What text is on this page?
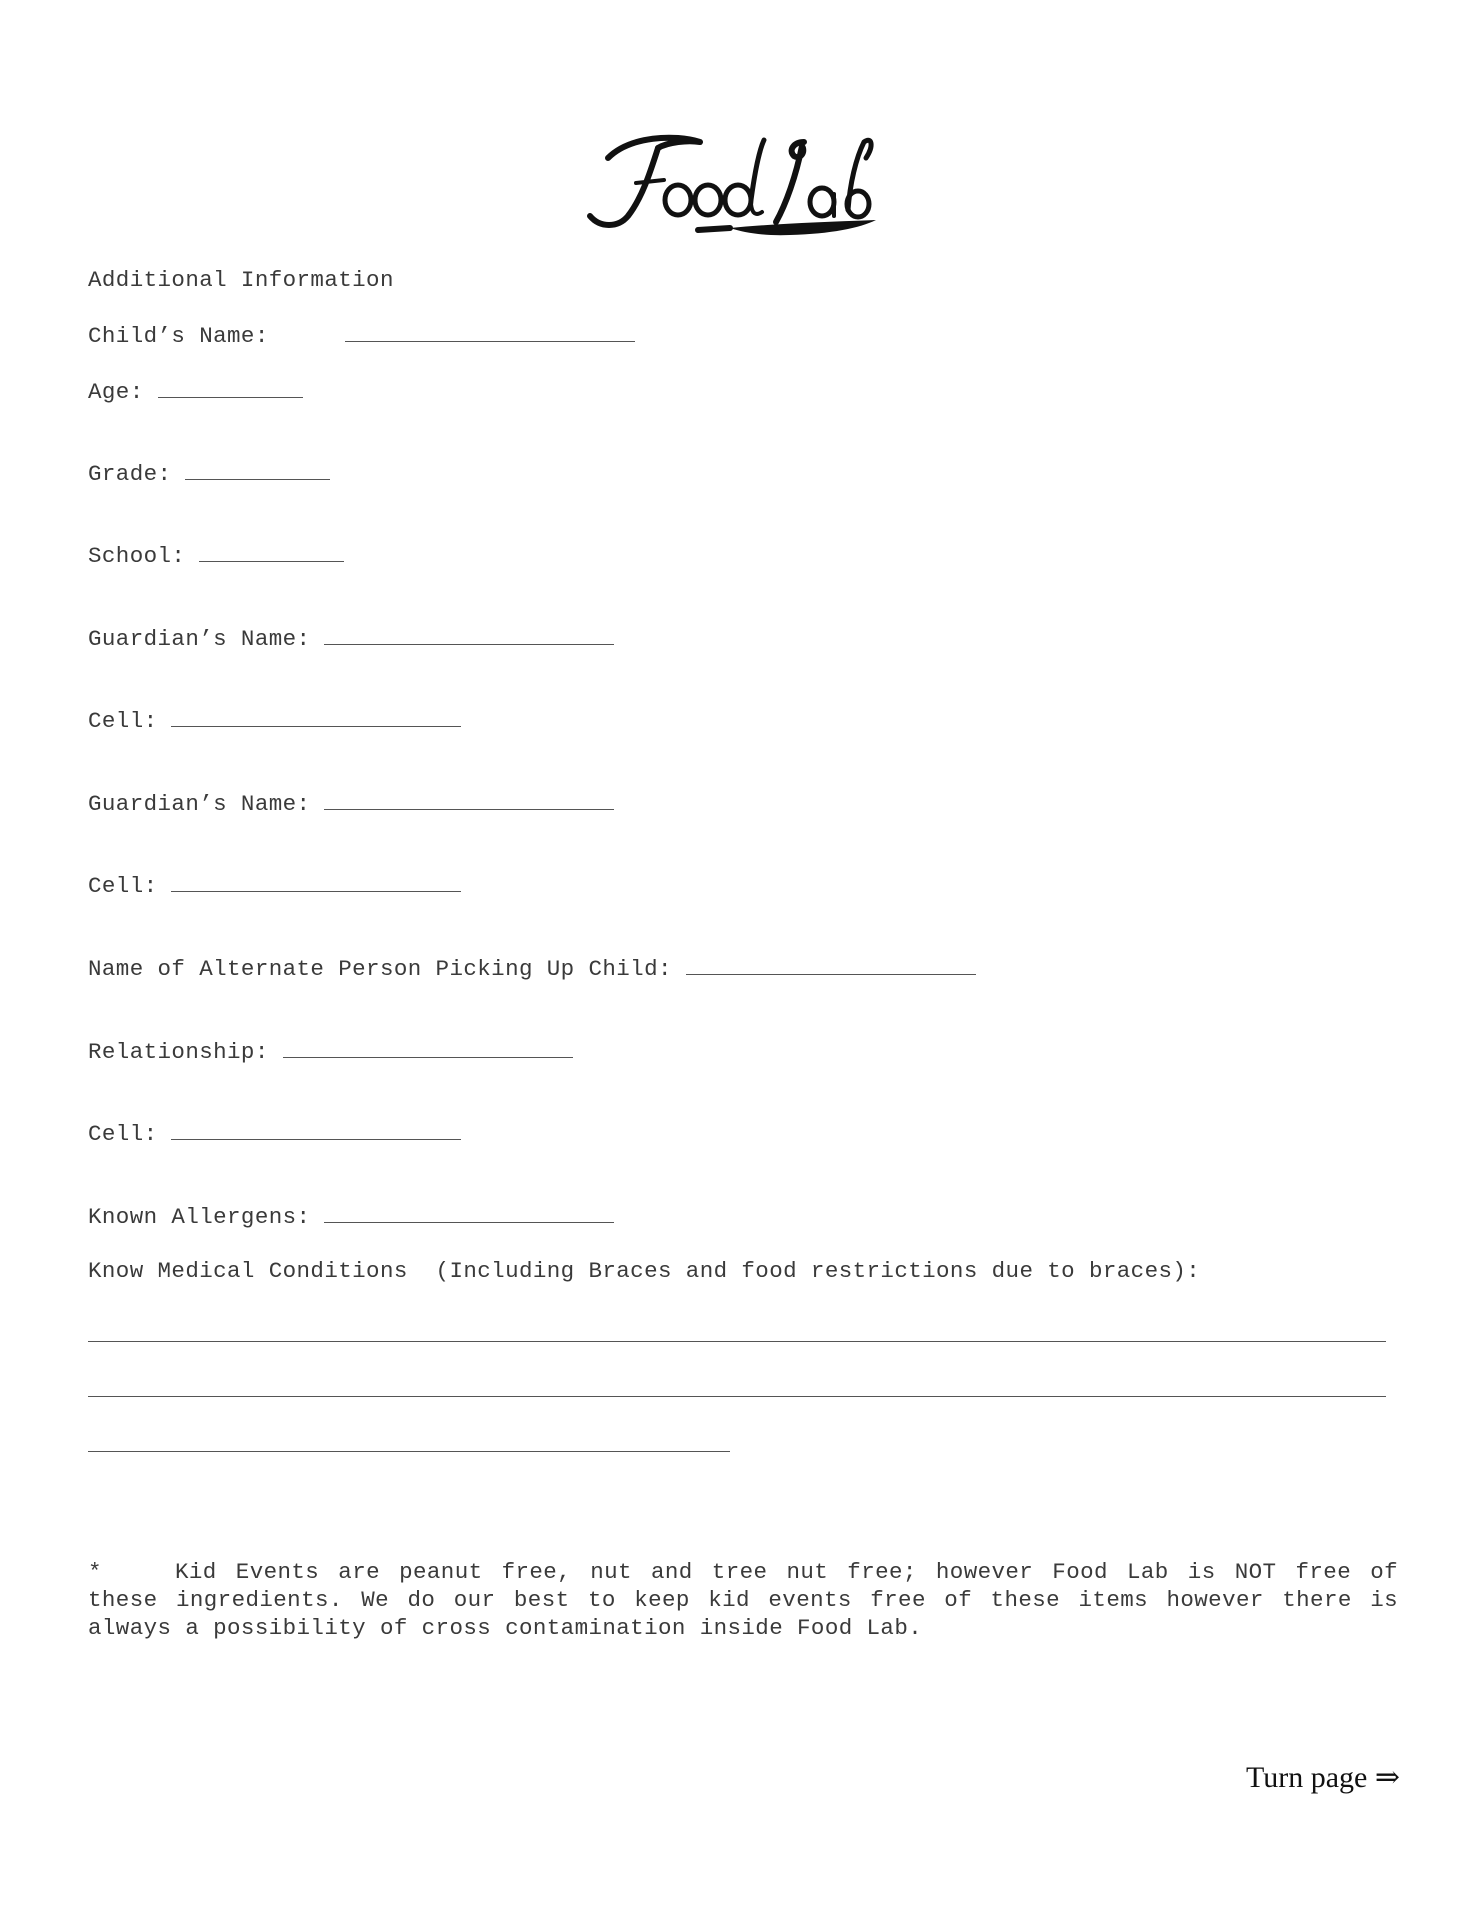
Additional Information
Child’s Name:
Age:
Grade:
School:
Guardian’s Name:
Cell:
Guardian’s Name:
Cell:
Name of Alternate Person Picking Up Child:
Relationship:
Cell:
Known Allergens:
Know Medical Conditions  (Including Braces and food restrictions due to braces):
*	Kid Events are peanut free, nut and tree nut free; however Food Lab is NOT free of these ingredients. We do our best to keep kid events free of these items however there is always a possibility of cross contamination inside Food Lab.
Turn page ⇒
